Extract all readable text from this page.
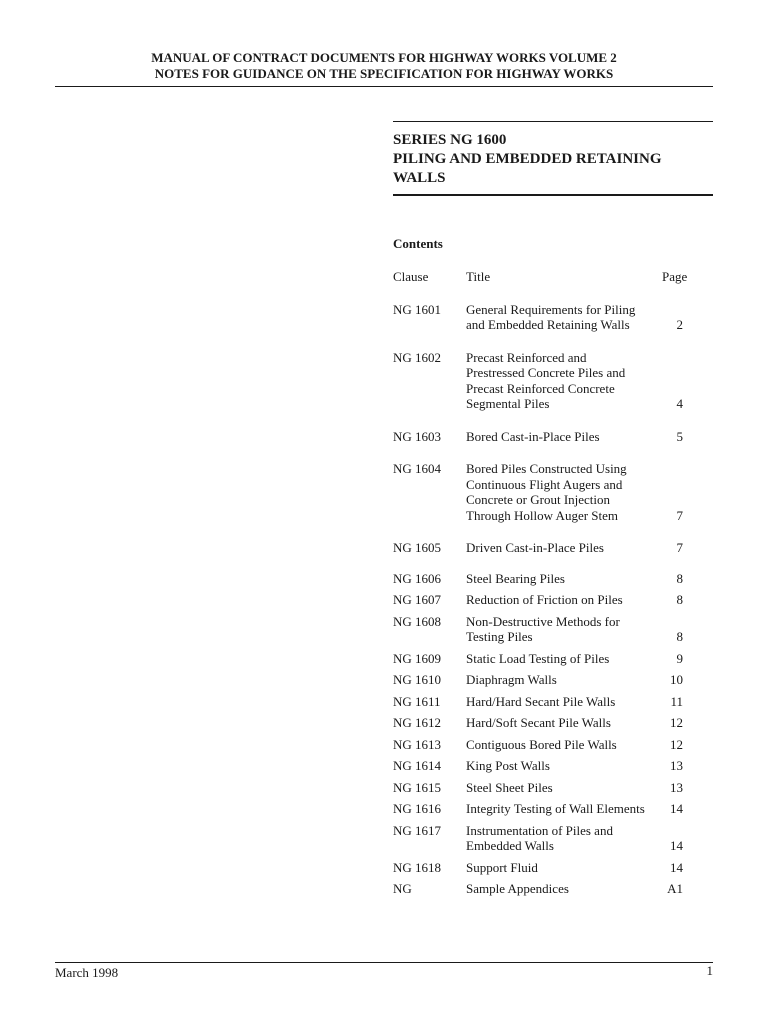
MANUAL OF CONTRACT DOCUMENTS FOR HIGHWAY WORKS VOLUME 2
NOTES FOR GUIDANCE ON THE SPECIFICATION FOR HIGHWAY WORKS
SERIES NG 1600
PILING AND EMBEDDED RETAINING
WALLS
Contents
Clause	Title	Page
NG 1601	General Requirements for Piling
and Embedded Retaining Walls	2
NG 1602	Precast Reinforced and
Prestressed Concrete Piles and
Precast Reinforced Concrete
Segmental Piles	4
NG 1603	Bored Cast-in-Place Piles	5
NG 1604	Bored Piles Constructed Using
Continuous Flight Augers and
Concrete or Grout Injection
Through Hollow Auger Stem	7
NG 1605	Driven Cast-in-Place Piles	7
NG 1606	Steel Bearing Piles	8
NG 1607	Reduction of Friction on Piles	8
NG 1608	Non-Destructive Methods for
Testing Piles	8
NG 1609	Static Load Testing of Piles	9
NG 1610	Diaphragm Walls	10
NG 1611	Hard/Hard Secant Pile Walls	11
NG 1612	Hard/Soft Secant Pile Walls	12
NG 1613	Contiguous Bored Pile Walls	12
NG 1614	King Post Walls	13
NG 1615	Steel Sheet Piles	13
NG 1616	Integrity Testing of Wall Elements	14
NG 1617	Instrumentation of Piles and
Embedded Walls	14
NG 1618	Support Fluid	14
NG	Sample Appendices	A1
March 1998	1
